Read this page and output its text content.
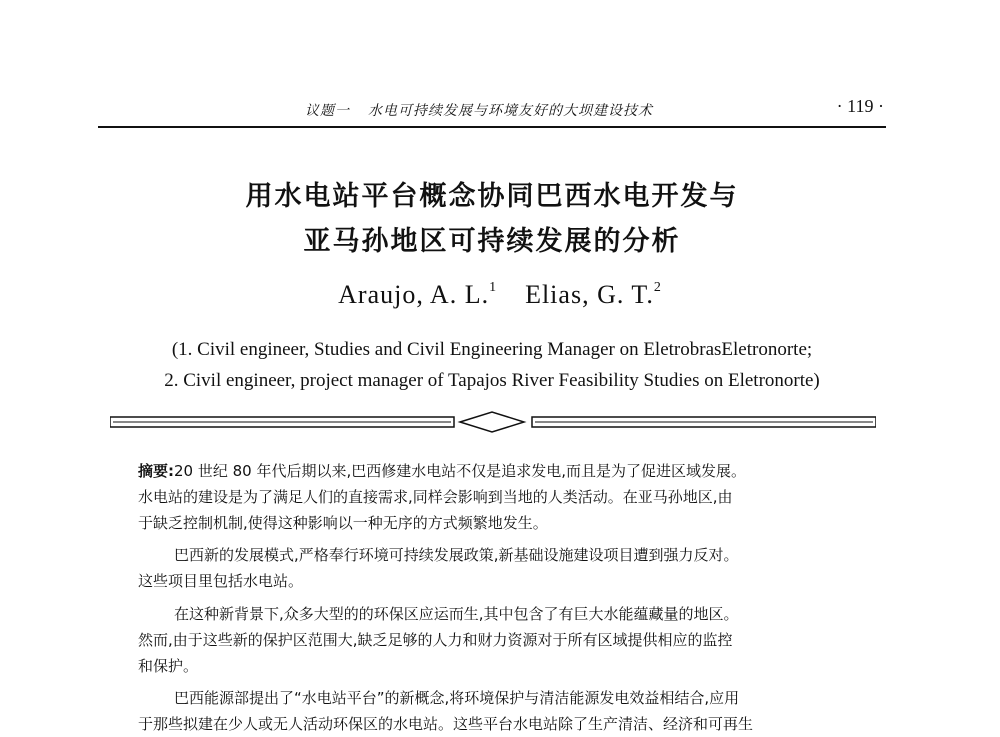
议题一 水电可持续发展与环境友好的大坝建设技术	· 119 ·
用水电站平台概念协同巴西水电开发与
亚马孙地区可持续发展的分析
Araujo, A. L.$^1$ Elias, G. T.$^2$
(1. Civil engineer, Studies and Civil Engineering Manager on EletrobrasEletronorte;
2. Civil engineer, project manager of Tapajos River Feasibility Studies on Eletronorte)
摘要:20 世纪 80 年代后期以来,巴西修建水电站不仅是追求发电,而且是为了促进区域发展。
水电站的建设是为了满足人们的直接需求,同样会影响到当地的人类活动。在亚马孙地区,由
于缺乏控制机制,使得这种影响以一种无序的方式频繁地发生。
巴西新的发展模式,严格奉行环境可持续发展政策,新基础设施建设项目遭到强力反对。
这些项目里包括水电站。
在这种新背景下,众多大型的的环保区应运而生,其中包含了有巨大水能蕴藏量的地区。
然而,由于这些新的保护区范围大,缺乏足够的人力和财力资源对于所有区域提供相应的监控
和保护。
巴西能源部提出了“水电站平台”的新概念,将环境保护与清洁能源发电效益相结合,应用
于那些拟建在少人或无人活动环保区的水电站。这些平台水电站除了生产清洁、经济和可再生
